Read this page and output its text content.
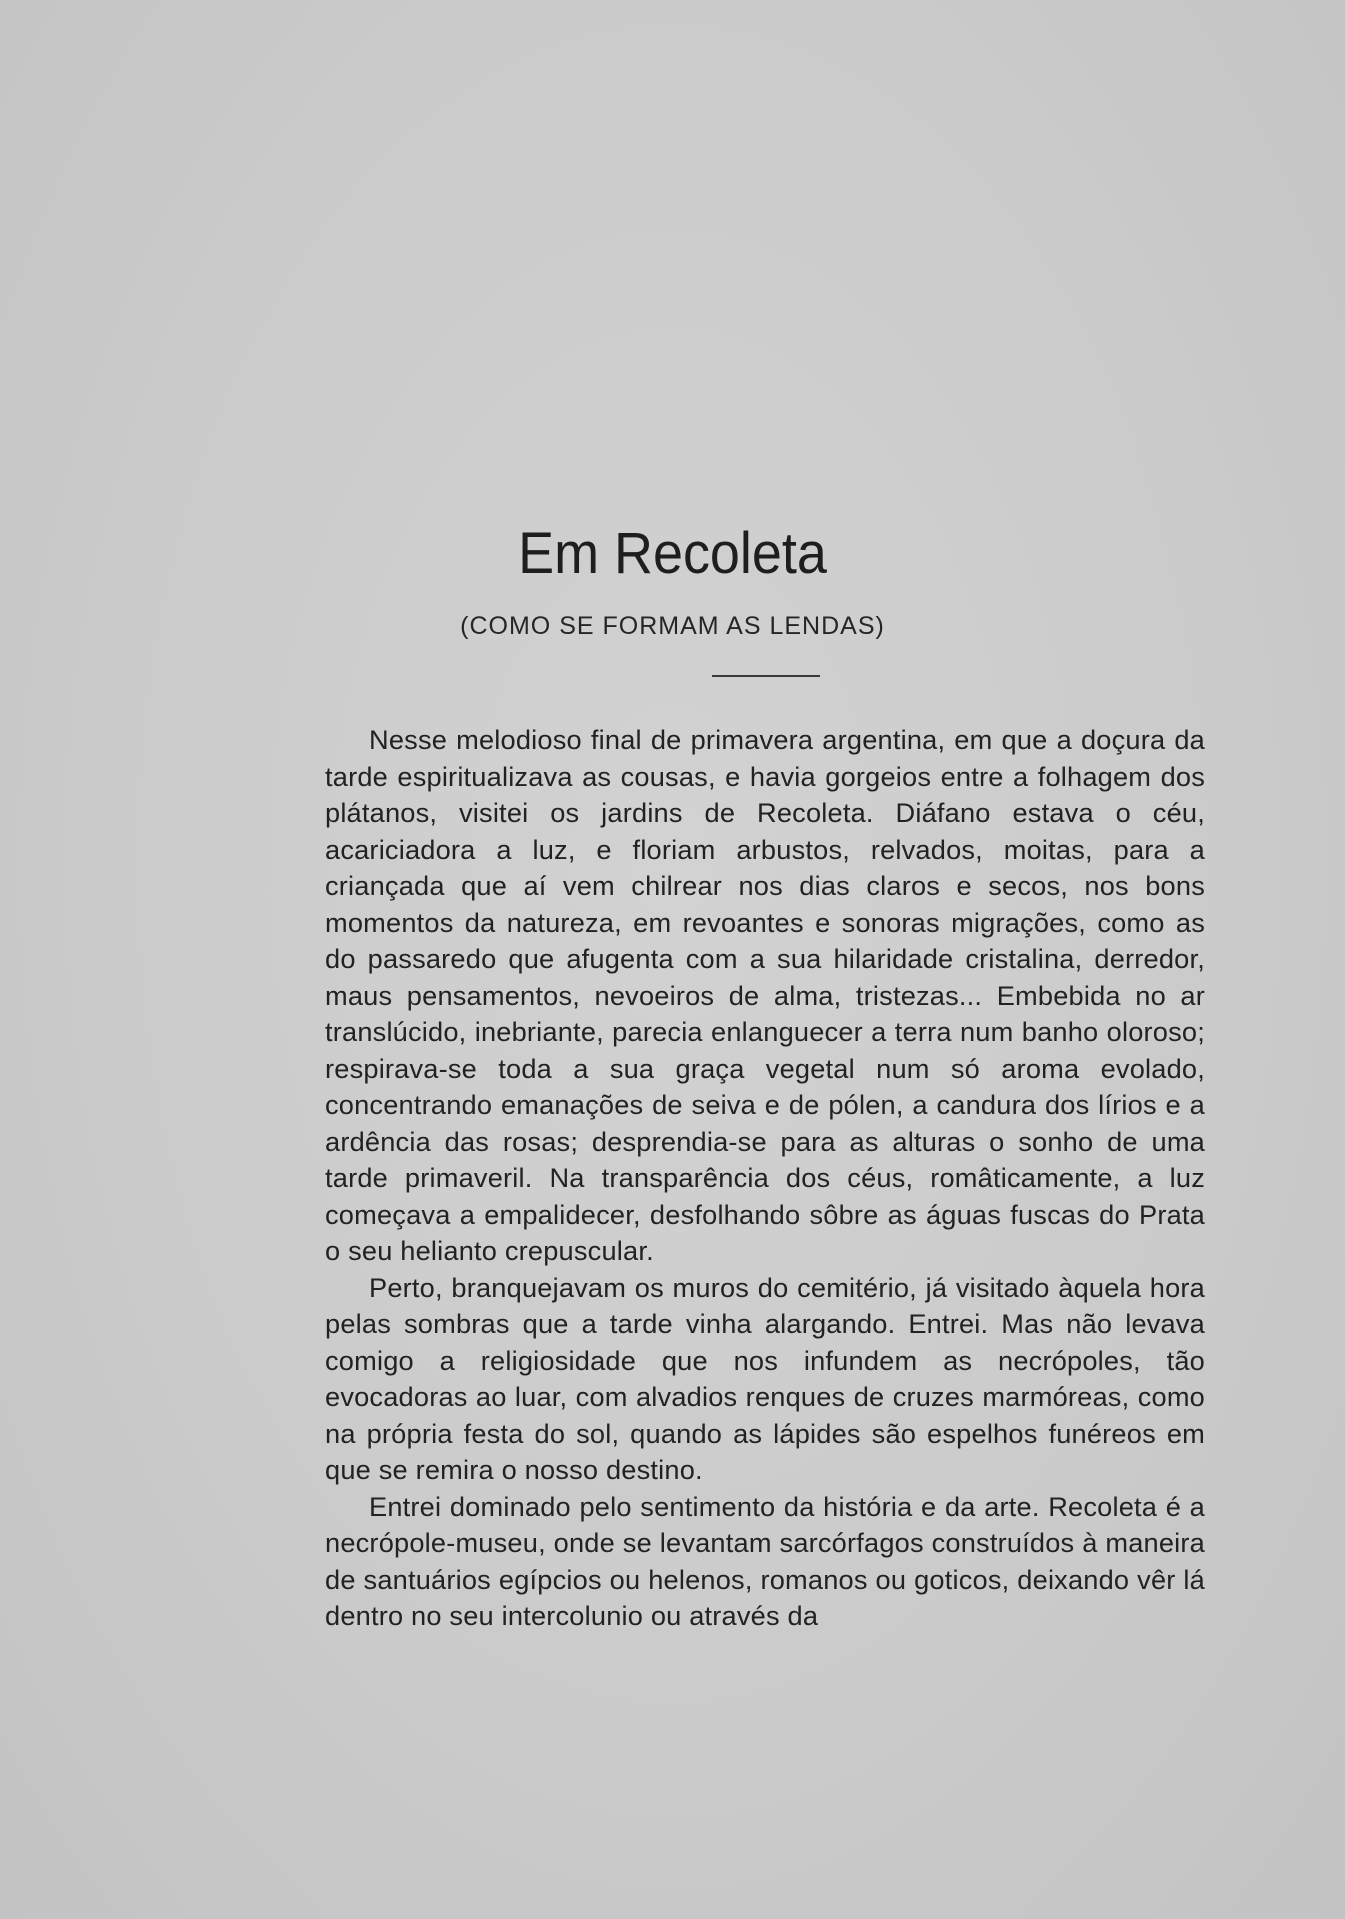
Em Recoleta
(COMO SE FORMAM AS LENDAS)

Nesse melodioso final de primavera argentina, em que a doçura da tarde espiritualizava as cousas, e havia gorgeios entre a folhagem dos plátanos, visitei os jardins de Recoleta. Diáfano estava o céu, acariciadora a luz, e floriam arbustos, relvados, moitas, para a criançada que aí vem chilrear nos dias claros e secos, nos bons momentos da natureza, em revoantes e sonoras migrações, como as do passaredo que afugenta com a sua hilaridade cristalina, derredor, maus pensamentos, nevoeiros de alma, tristezas... Embebida no ar translúcido, inebriante, parecia enlanguecer a terra num banho oloroso; respirava-se toda a sua graça vegetal num só aroma evolado, concentrando emanações de seiva e de pólen, a candura dos lírios e a ardência das rosas; desprendia-se para as alturas o sonho de uma tarde primaveril. Na transparência dos céus, româticamente, a luz começava a empalidecer, desfolhando sôbre as águas fuscas do Prata o seu helianto crepuscular.

Perto, branquejavam os muros do cemitério, já visitado àquela hora pelas sombras que a tarde vinha alargando. Entrei. Mas não levava comigo a religiosidade que nos infundem as necrópoles, tão evocadoras ao luar, com alvadios renques de cruzes marmóreas, como na própria festa do sol, quando as lápides são espelhos funéreos em que se remira o nosso destino.

Entrei dominado pelo sentimento da história e da arte. Recoleta é a necrópole-museu, onde se levantam sarcórfagos construídos à maneira de santuários egípcios ou helenos, romanos ou goticos, deixando vêr lá dentro no seu intercolunio ou através da
